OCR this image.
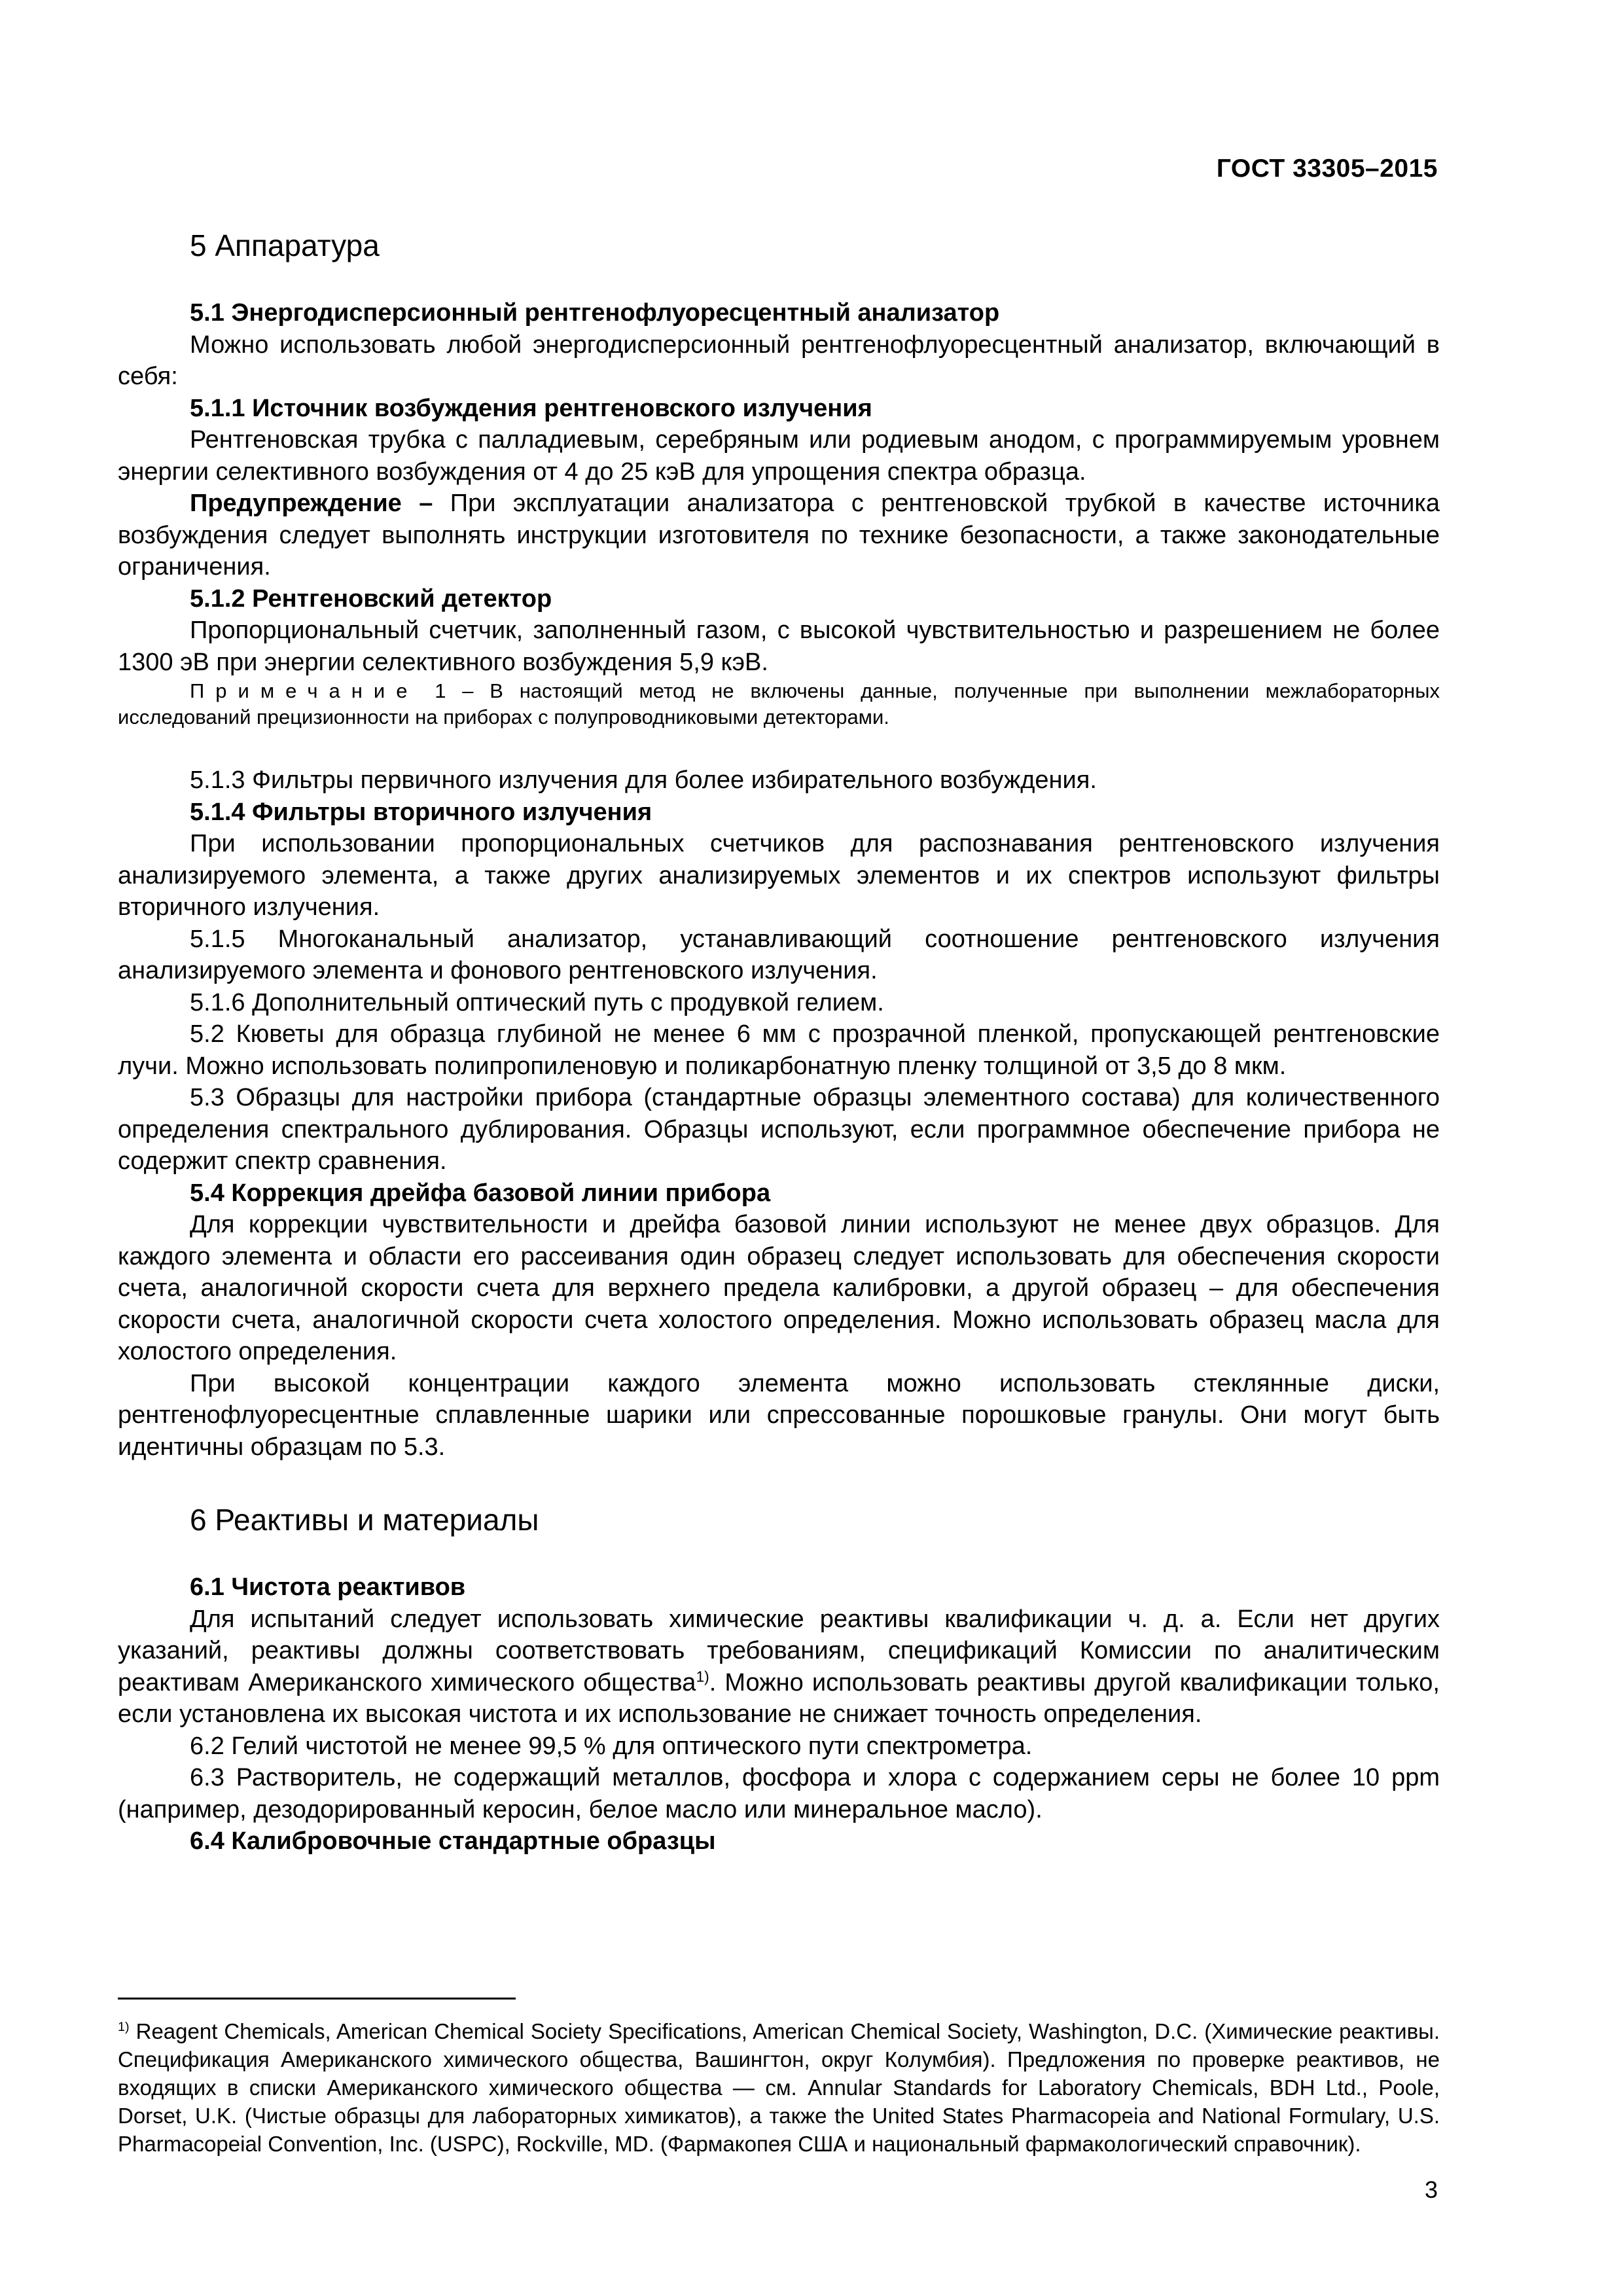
ГОСТ 33305–2015
5 Аппаратура

5.1 Энергодисперсионный рентгенофлуоресцентный анализатор

Можно использовать любой энергодисперсионный рентгенофлуоресцентный анализатор, включающий в себя:

5.1.1 Источник возбуждения рентгеновского излучения

Рентгеновская трубка с палладиевым, серебряным или родиевым анодом, с программируемым уровнем энергии селективного возбуждения от 4 до 25 кэВ для упрощения спектра образца.

Предупреждение – При эксплуатации анализатора с рентгеновской трубкой в качестве источника возбуждения следует выполнять инструкции изготовителя по технике безопасности, а также законодательные ограничения.

5.1.2 Рентгеновский детектор

Пропорциональный счетчик, заполненный газом, с высокой чувствительностью и разрешением не более 1300 эВ при энергии селективного возбуждения 5,9 кэВ.

Примечание 1 – В настоящий метод не включены данные, полученные при выполнении межлабораторных исследований прецизионности на приборах с полупроводниковыми детекторами.

5.1.3 Фильтры первичного излучения для более избирательного возбуждения.

5.1.4 Фильтры вторичного излучения

При использовании пропорциональных счетчиков для распознавания рентгеновского излучения анализируемого элемента, а также других анализируемых элементов и их спектров используют фильтры вторичного излучения.

5.1.5 Многоканальный анализатор, устанавливающий соотношение рентгеновского излучения анализируемого элемента и фонового рентгеновского излучения.

5.1.6 Дополнительный оптический путь с продувкой гелием.

5.2 Кюветы для образца глубиной не менее 6 мм с прозрачной пленкой, пропускающей рентгеновские лучи. Можно использовать полипропиленовую и поликарбонатную пленку толщиной от 3,5 до 8 мкм.

5.3 Образцы для настройки прибора (стандартные образцы элементного состава) для количественного определения спектрального дублирования. Образцы используют, если программное обеспечение прибора не содержит спектр сравнения.

5.4 Коррекция дрейфа базовой линии прибора

Для коррекции чувствительности и дрейфа базовой линии используют не менее двух образцов. Для каждого элемента и области его рассеивания один образец следует использовать для обеспечения скорости счета, аналогичной скорости счета для верхнего предела калибровки, а другой образец – для обеспечения скорости счета, аналогичной скорости счета холостого определения. Можно использовать образец масла для холостого определения.

При высокой концентрации каждого элемента можно использовать стеклянные диски, рентгенофлуоресцентные сплавленные шарики или спрессованные порошковые гранулы. Они могут быть идентичны образцам по 5.3.

6 Реактивы и материалы

6.1 Чистота реактивов

Для испытаний следует использовать химические реактивы квалификации ч. д. а. Если нет других указаний, реактивы должны соответствовать требованиям, спецификаций Комиссии по аналитическим реактивам Американского химического общества$^{1)}$. Можно использовать реактивы другой квалификации только, если установлена их высокая чистота и их использование не снижает точность определения.

6.2 Гелий чистотой не менее 99,5 % для оптического пути спектрометра.

6.3 Растворитель, не содержащий металлов, фосфора и хлора с содержанием серы не более 10 ppm (например, дезодорированный керосин, белое масло или минеральное масло).

6.4 Калибровочные стандартные образцы

$^{1)}$ Reagent Chemicals, American Chemical Society Specifications, American Chemical Society, Washington, D.C. (Химические реактивы. Спецификация Американского химического общества, Вашингтон, округ Колумбия). Предложения по проверке реактивов, не входящих в списки Американского химического общества — см. Annular Standards for Laboratory Chemicals, BDH Ltd., Poole, Dorset, U.K. (Чистые образцы для лабораторных химикатов), а также the United States Pharmacopeia and National Formulary, U.S. Pharmacopeial Convention, Inc. (USPC), Rockville, MD. (Фармакопея США и национальный фармакологический справочник).
3
